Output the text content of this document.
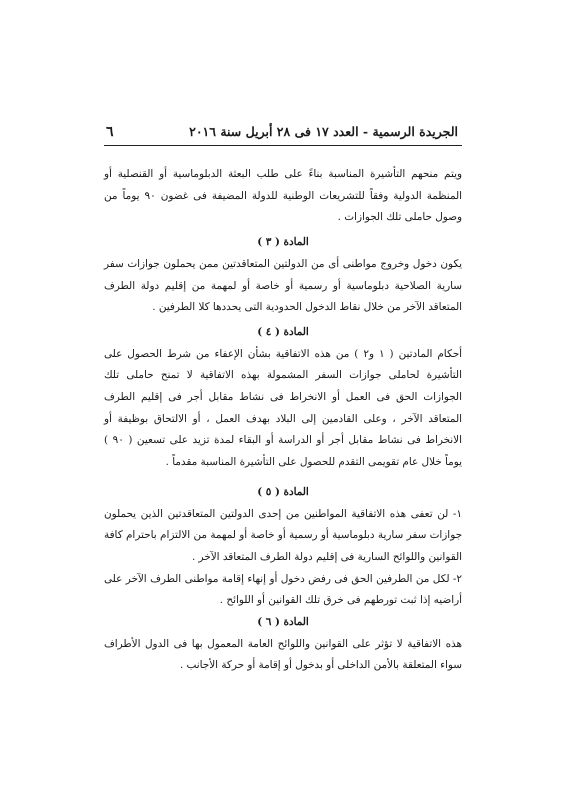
الجريدة الرسمية - العدد ١٧ فى ٢٨ أبريل سنة ٢٠١٦
٦

ويتم منحهم التأشيرة المناسبة بناءً على طلب البعثة الدبلوماسية أو القنصلية أو المنظمة الدولية وفقاً للتشريعات الوطنية للدولة المضيفة فى غضون ٩٠ يوماً من وصول حاملى تلك الجوازات .

المادة ( ٣ )

يكون دخول وخروج مواطنى أى من الدولتين المتعاقدتين ممن يحملون جوازات سفر سارية الصلاحية دبلوماسية أو رسمية أو خاصة أو لمهمة من إقليم دولة الطرف المتعاقد الآخر من خلال نقاط الدخول الحدودية التى يحددها كلا الطرفين .

المادة ( ٤ )

أحكام المادتين ( ١ و٢ ) من هذه الاتفاقية بشأن الإعفاء من شرط الحصول على التأشيرة لحاملى جوازات السفر المشمولة بهذه الاتفاقية لا تمنح حاملى تلك الجوازات الحق فى العمل أو الانخراط فى نشاط مقابل أجر فى إقليم الطرف المتعاقد الآخر ، وعلى القادمين إلى البلاد بهدف العمل ، أو الالتحاق بوظيفة أو الانخراط فى نشاط مقابل أجر أو الدراسة أو البقاء لمدة تزيد على تسعين ( ٩٠ ) يوماً خلال عام تقويمى التقدم للحصول على التأشيرة المناسبة مقدماً .

المادة ( ٥ )

١- لن تعفى هذه الاتفاقية المواطنين من إحدى الدولتين المتعاقدتين الذين يحملون جوازات سفر سارية دبلوماسية أو رسمية أو خاصة أو لمهمة من الالتزام باحترام كافة القوانين واللوائح السارية فى إقليم دولة الطرف المتعاقد الآخر .

٢- لكل من الطرفين الحق فى رفض دخول أو إنهاء إقامة مواطنى الطرف الآخر على أراضيه إذا ثبت تورطهم فى خرق تلك القوانين أو اللوائح .

المادة ( ٦ )

هذه الاتفاقية لا تؤثر على القوانين واللوائح العامة المعمول بها فى الدول الأطراف سواء المتعلقة بالأمن الداخلى أو بدخول أو إقامة أو حركة الأجانب .
